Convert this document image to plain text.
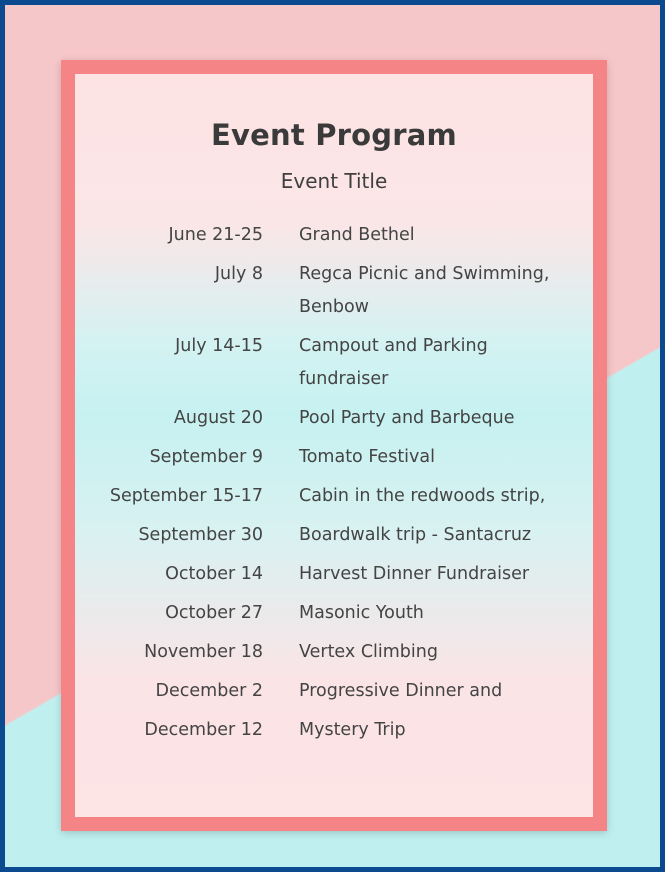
Event Program
Event Title
June 21-25 Grand Bethel
July 8 Regca Picnic and Swimming, Benbow
July 14-15 Campout and Parking fundraiser
August 20 Pool Party and Barbeque
September 9 Tomato Festival
September 15-17 Cabin in the redwoods strip,
September 30 Boardwalk trip - Santacruz
October 14 Harvest Dinner Fundraiser
October 27 Masonic Youth
November 18 Vertex Climbing
December 2 Progressive Dinner and
December 12 Mystery Trip
